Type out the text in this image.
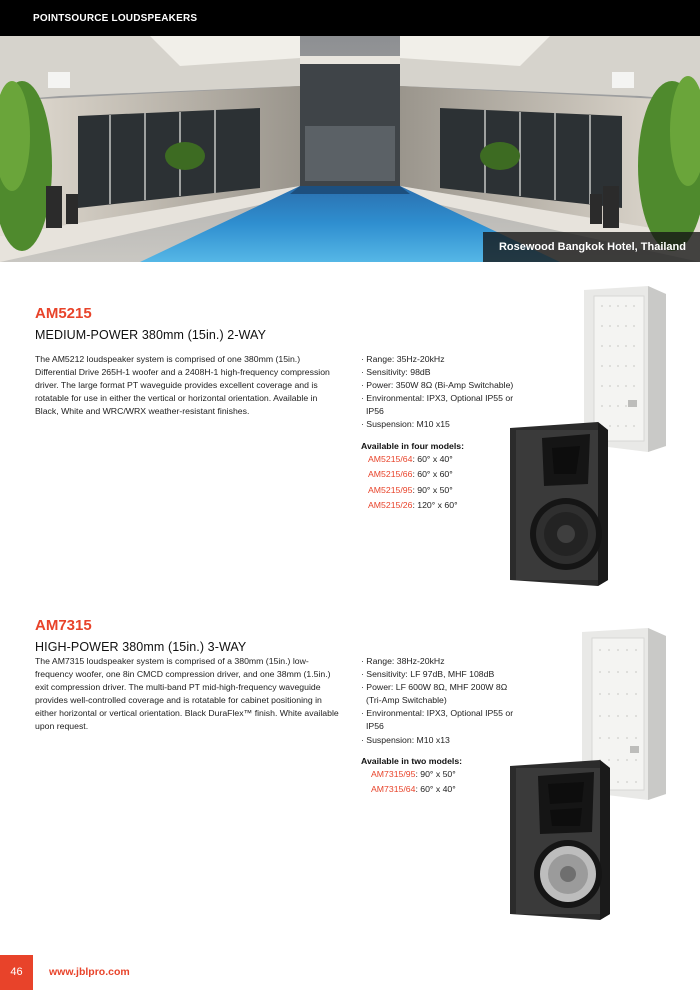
POINTSOURCE LOUDSPEAKERS
Rosewood Bangkok Hotel, Thailand
AM5215
MEDIUM-POWER 380mm (15in.) 2-WAY
The AM5212 loudspeaker system is comprised of one 380mm (15in.) Differential Drive 265H-1 woofer and a 2408H-1 high-frequency compression driver. The large format PT waveguide provides excellent coverage and is rotatable for use in either the vertical or horizontal orientation. Available in Black, White and WRC/WRX weather-resistant finishes.
· Range: 35Hz-20kHz
· Sensitivity: 98dB
· Power: 350W 8Ω (Bi-Amp Switchable)
· Environmental: IPX3, Optional IP55 or IP56
· Suspension: M10 x15
Available in four models:
AM5215/64: 60° x 40°
AM5215/66: 60° x 60°
AM5215/95: 90° x 50°
AM5215/26: 120° x 60°
AM7315
HIGH-POWER 380mm (15in.) 3-WAY
The AM7315 loudspeaker system is comprised of a 380mm (15in.) low-frequency woofer, one 8in CMCD compression driver, and one 38mm (1.5in.) exit compression driver. The multi-band PT mid-high-frequency waveguide provides well-controlled coverage and is rotatable for cabinet positioning in either horizontal or vertical orientation. Black DuraFlex™ finish. White available upon request.
· Range: 38Hz-20kHz
· Sensitivity: LF 97dB, MHF 108dB
· Power: LF 600W 8Ω, MHF 200W 8Ω (Tri-Amp Switchable)
· Environmental: IPX3, Optional IP55 or IP56
· Suspension: M10 x13
Available in two models:
AM7315/95: 90° x 50°
AM7315/64: 60° x 40°
46	www.jblpro.com
